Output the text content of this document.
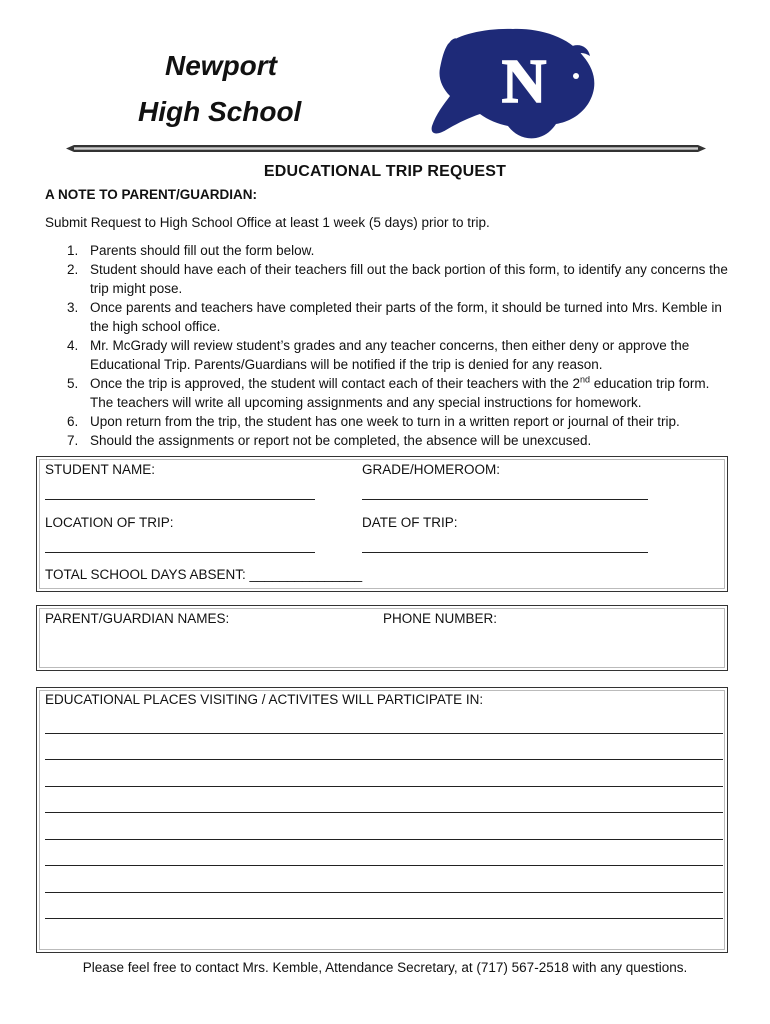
Newport
High School	N
EDUCATIONAL TRIP REQUEST
A NOTE TO PARENT/GUARDIAN:
Submit Request to High School Office at least 1 week (5 days) prior to trip.
1. Parents should fill out the form below.
2. Student should have each of their teachers fill out the back portion of this form, to identify any concerns the trip might pose.
3. Once parents and teachers have completed their parts of the form, it should be turned into Mrs. Kemble in the high school office.
4. Mr. McGrady will review student’s grades and any teacher concerns, then either deny or approve the Educational Trip. Parents/Guardians will be notified if the trip is denied for any reason.
5. Once the trip is approved, the student will contact each of their teachers with the 2nd education trip form. The teachers will write all upcoming assignments and any special instructions for homework.
6. Upon return from the trip, the student has one week to turn in a written report or journal of their trip.
7. Should the assignments or report not be completed, the absence will be unexcused.
STUDENT NAME:	GRADE/HOMEROOM:
LOCATION OF TRIP:	DATE OF TRIP:
TOTAL SCHOOL DAYS ABSENT: _______________
PARENT/GUARDIAN NAMES:	PHONE NUMBER:
EDUCATIONAL PLACES VISITING / ACTIVITES WILL PARTICIPATE IN:
Please feel free to contact Mrs. Kemble, Attendance Secretary, at (717) 567-2518 with any questions.
